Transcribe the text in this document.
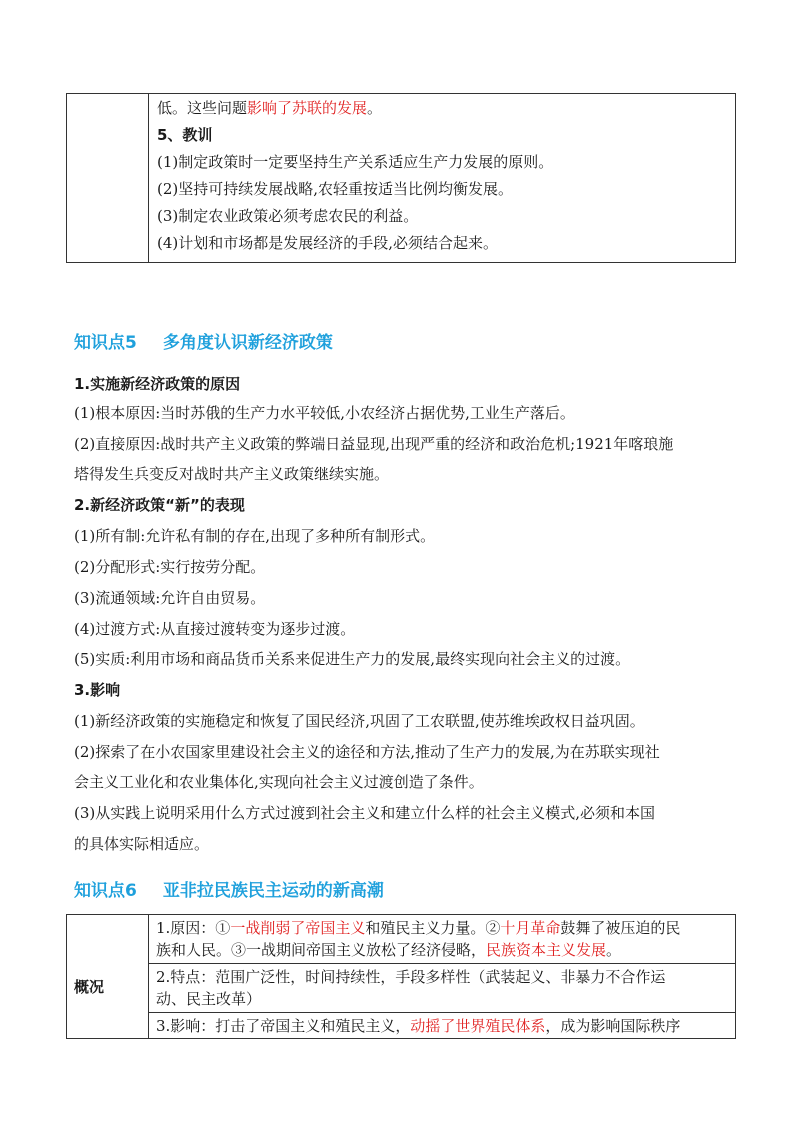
低。这些问题影响了苏联的发展。
5、教训
(1)制定政策时一定要坚持生产关系适应生产力发展的原则。
(2)坚持可持续发展战略,农轻重按适当比例均衡发展。
(3)制定农业政策必须考虑农民的利益。
(4)计划和市场都是发展经济的手段,必须结合起来。
知识点5 多角度认识新经济政策
1.实施新经济政策的原因
(1)根本原因:当时苏俄的生产力水平较低,小农经济占据优势,工业生产落后。
(2)直接原因:战时共产主义政策的弊端日益显现,出现严重的经济和政治危机;1921年喀琅施
塔得发生兵变反对战时共产主义政策继续实施。
2.新经济政策“新”的表现
(1)所有制:允许私有制的存在,出现了多种所有制形式。
(2)分配形式:实行按劳分配。
(3)流通领域:允许自由贸易。
(4)过渡方式:从直接过渡转变为逐步过渡。
(5)实质:利用市场和商品货币关系来促进生产力的发展,最终实现向社会主义的过渡。
3.影响
(1)新经济政策的实施稳定和恢复了国民经济,巩固了工农联盟,使苏维埃政权日益巩固。
(2)探索了在小农国家里建设社会主义的途径和方法,推动了生产力的发展,为在苏联实现社
会主义工业化和农业集体化,实现向社会主义过渡创造了条件。
(3)从实践上说明采用什么方式过渡到社会主义和建立什么样的社会主义模式,必须和本国
的具体实际相适应。
知识点6 亚非拉民族民主运动的新高潮
概况
1.原因：①一战削弱了帝国主义和殖民主义力量。②十月革命鼓舞了被压迫的民
族和人民。③一战期间帝国主义放松了经济侵略，民族资本主义发展。
2.特点：范围广泛性，时间持续性，手段多样性（武装起义、非暴力不合作运
动、民主改革）
3.影响：打击了帝国主义和殖民主义，动摇了世界殖民体系，成为影响国际秩序
